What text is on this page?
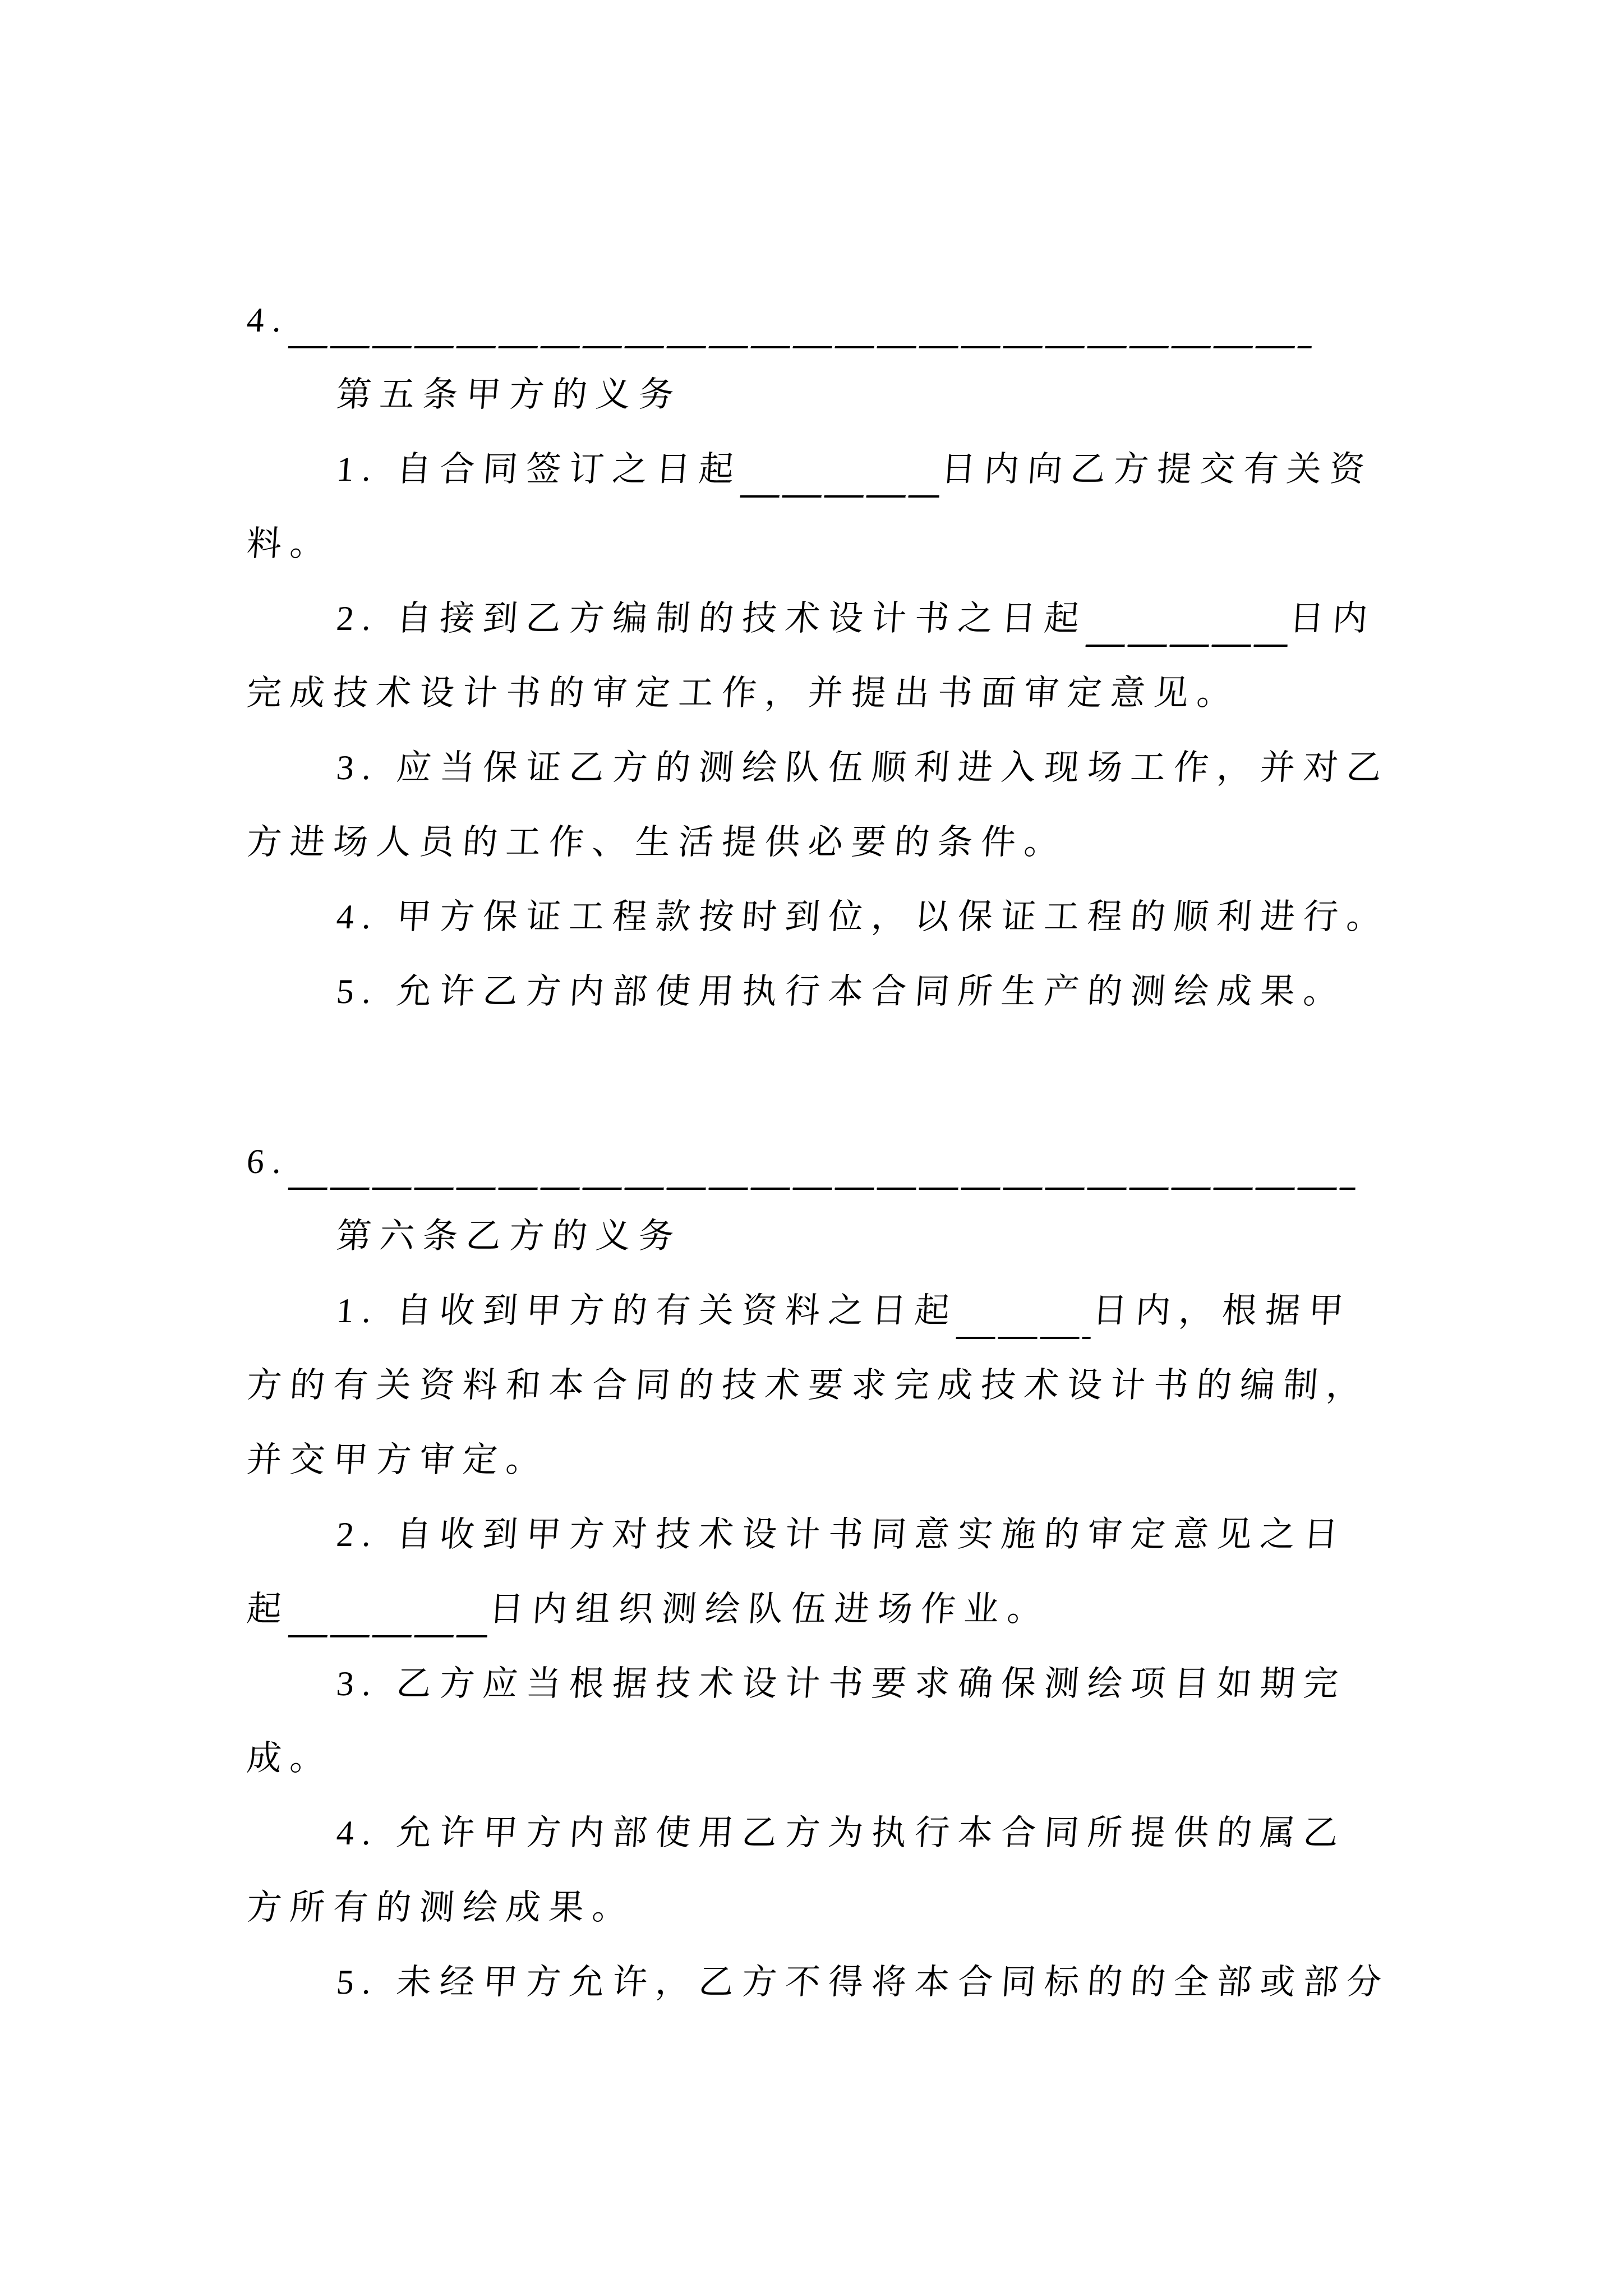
4.
第五条甲方的义务
1. 自合同签订之日起	日内向乙方提交有关资
料。
2. 自接到乙方编制的技术设计书之日起	日内
完成技术设计书的审定工作，并提出书面审定意见。
3. 应当保证乙方的测绘队伍顺利进入现场工作，并对乙
方进场人员的工作、生活提供必要的条件。
4. 甲方保证工程款按时到位，以保证工程的顺利进行。
5. 允许乙方内部使用执行本合同所生产的测绘成果。
6.
第六条乙方的义务
1. 自收到甲方的有关资料之日起	日内，根据甲
方的有关资料和本合同的技术要求完成技术设计书的编制，
并交甲方审定。
2. 自收到甲方对技术设计书同意实施的审定意见之日
起	日内组织测绘队伍进场作业。
3. 乙方应当根据技术设计书要求确保测绘项目如期完
成。
4. 允许甲方内部使用乙方为执行本合同所提供的属乙
方所有的测绘成果。
5. 未经甲方允许，乙方不得将本合同标的的全部或部分
